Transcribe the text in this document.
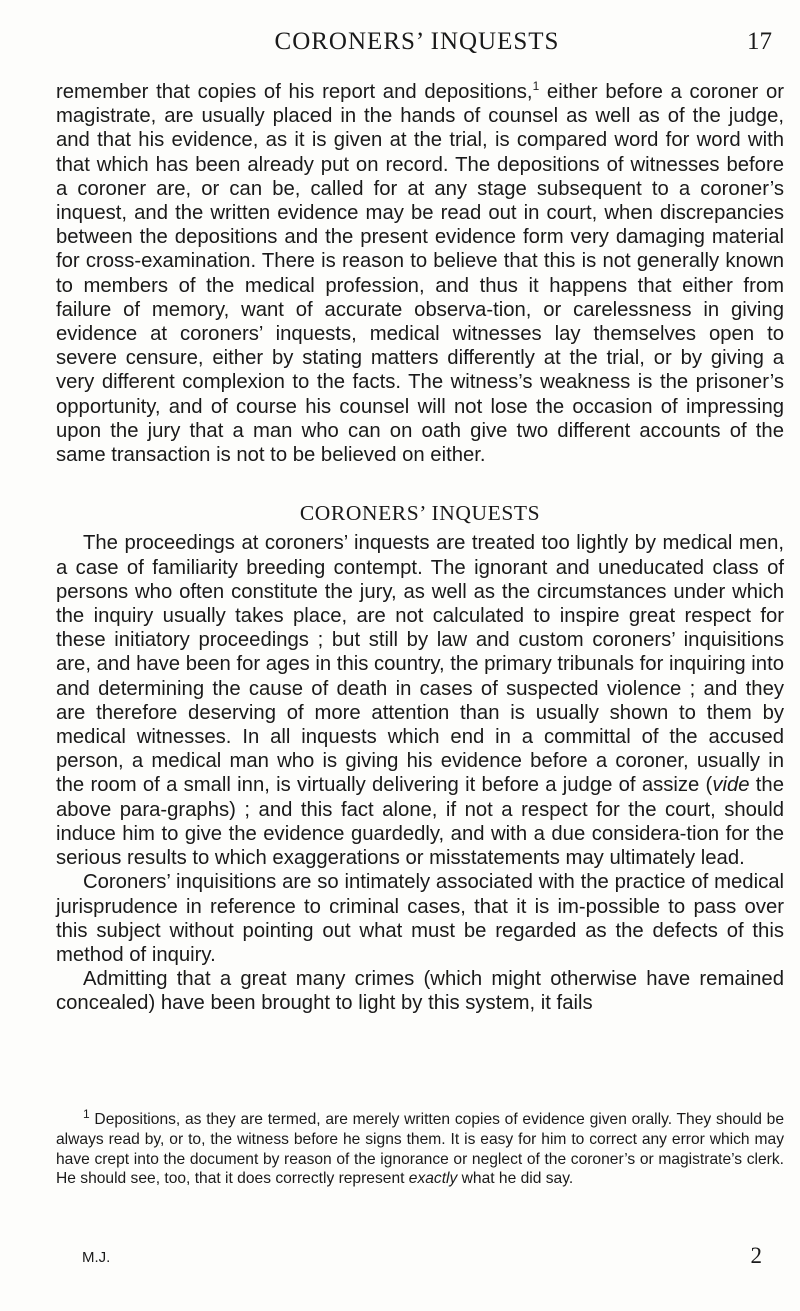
CORONERS’ INQUESTS	17

remember that copies of his report and depositions,$^1$ either before a coroner or magistrate, are usually placed in the hands of counsel as well as of the judge, and that his evidence, as it is given at the trial, is compared word for word with that which has been already put on record. The depositions of witnesses before a coroner are, or can be, called for at any stage subsequent to a coroner’s inquest, and the written evidence may be read out in court, when discrepancies between the depositions and the present evidence form very damaging material for cross-examination. There is reason to believe that this is not generally known to members of the medical profession, and thus it happens that either from failure of memory, want of accurate observa-tion, or carelessness in giving evidence at coroners’ inquests, medical witnesses lay themselves open to severe censure, either by stating matters differently at the trial, or by giving a very different complexion to the facts. The witness’s weakness is the prisoner’s opportunity, and of course his counsel will not lose the occasion of impressing upon the jury that a man who can on oath give two different accounts of the same transaction is not to be believed on either.

CORONERS’ INQUESTS

The proceedings at coroners’ inquests are treated too lightly by medical men, a case of familiarity breeding contempt. The ignorant and uneducated class of persons who often constitute the jury, as well as the circumstances under which the inquiry usually takes place, are not calculated to inspire great respect for these initiatory proceedings ; but still by law and custom coroners’ inquisitions are, and have been for ages in this country, the primary tribunals for inquiring into and determining the cause of death in cases of suspected violence ; and they are therefore deserving of more attention than is usually shown to them by medical witnesses. In all inquests which end in a committal of the accused person, a medical man who is giving his evidence before a coroner, usually in the room of a small inn, is virtually delivering it before a judge of assize (vide the above para-graphs) ; and this fact alone, if not a respect for the court, should induce him to give the evidence guardedly, and with a due considera-tion for the serious results to which exaggerations or misstatements may ultimately lead.

Coroners’ inquisitions are so intimately associated with the practice of medical jurisprudence in reference to criminal cases, that it is im-possible to pass over this subject without pointing out what must be regarded as the defects of this method of inquiry.

Admitting that a great many crimes (which might otherwise have remained concealed) have been brought to light by this system, it fails

$^1$ Depositions, as they are termed, are merely written copies of evidence given orally. They should be always read by, or to, the witness before he signs them. It is easy for him to correct any error which may have crept into the document by reason of the ignorance or neglect of the coroner’s or magistrate’s clerk. He should see, too, that it does correctly represent exactly what he did say.

M.J.	2
